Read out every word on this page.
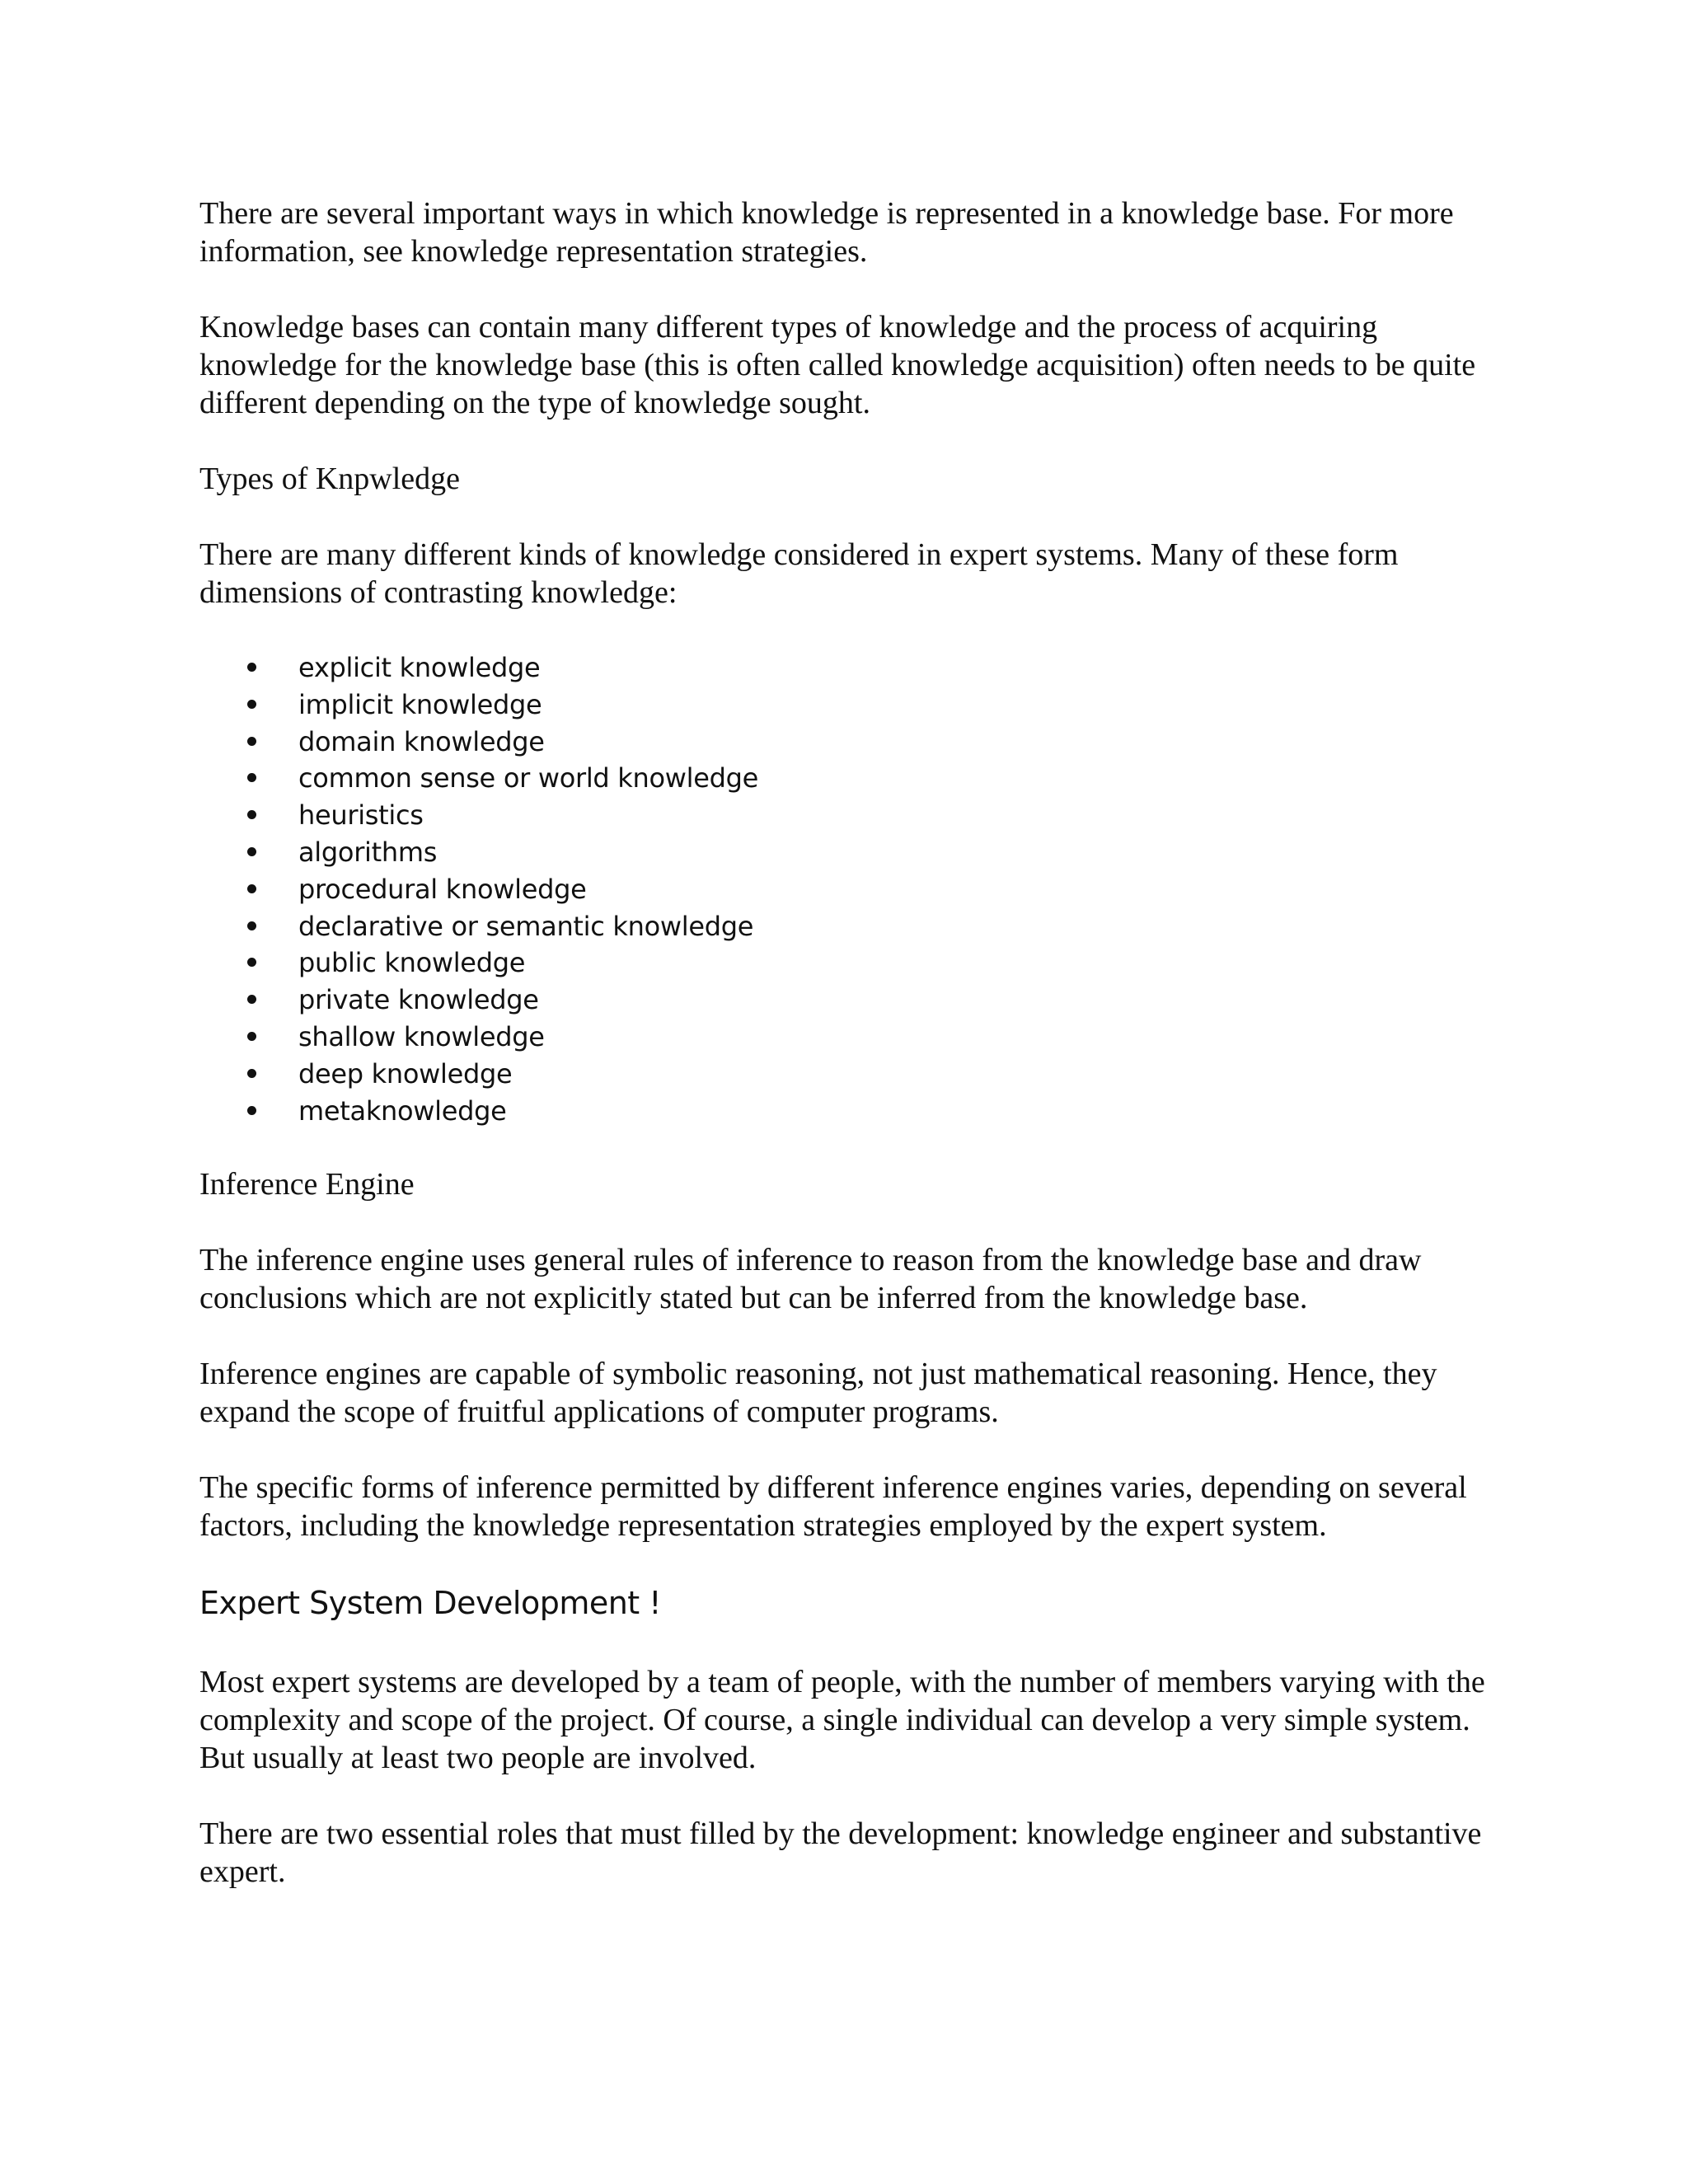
There are several important ways in which knowledge is represented in a knowledge base. For more information, see knowledge representation strategies.

Knowledge bases can contain many different types of knowledge and the process of acquiring knowledge for the knowledge base (this is often called knowledge acquisition) often needs to be quite different depending on the type of knowledge sought.

Types of Knpwledge

There are many different kinds of knowledge considered in expert systems. Many of these form dimensions of contrasting knowledge:

explicit knowledge
implicit knowledge
domain knowledge
common sense or world knowledge
heuristics
algorithms
procedural knowledge
declarative or semantic knowledge
public knowledge
private knowledge
shallow knowledge
deep knowledge
metaknowledge

Inference Engine

The inference engine uses general rules of inference to reason from the knowledge base and draw conclusions which are not explicitly stated but can be inferred from the knowledge base.

Inference engines are capable of symbolic reasoning, not just mathematical reasoning. Hence, they expand the scope of fruitful applications of computer programs.

The specific forms of inference permitted by different inference engines varies, depending on several factors, including the knowledge representation strategies employed by the expert system.

Expert System Development !

Most expert systems are developed by a team of people, with the number of members varying with the complexity and scope of the project. Of course, a single individual can develop a very simple system. But usually at least two people are involved.

There are two essential roles that must filled by the development: knowledge engineer and substantive expert.
